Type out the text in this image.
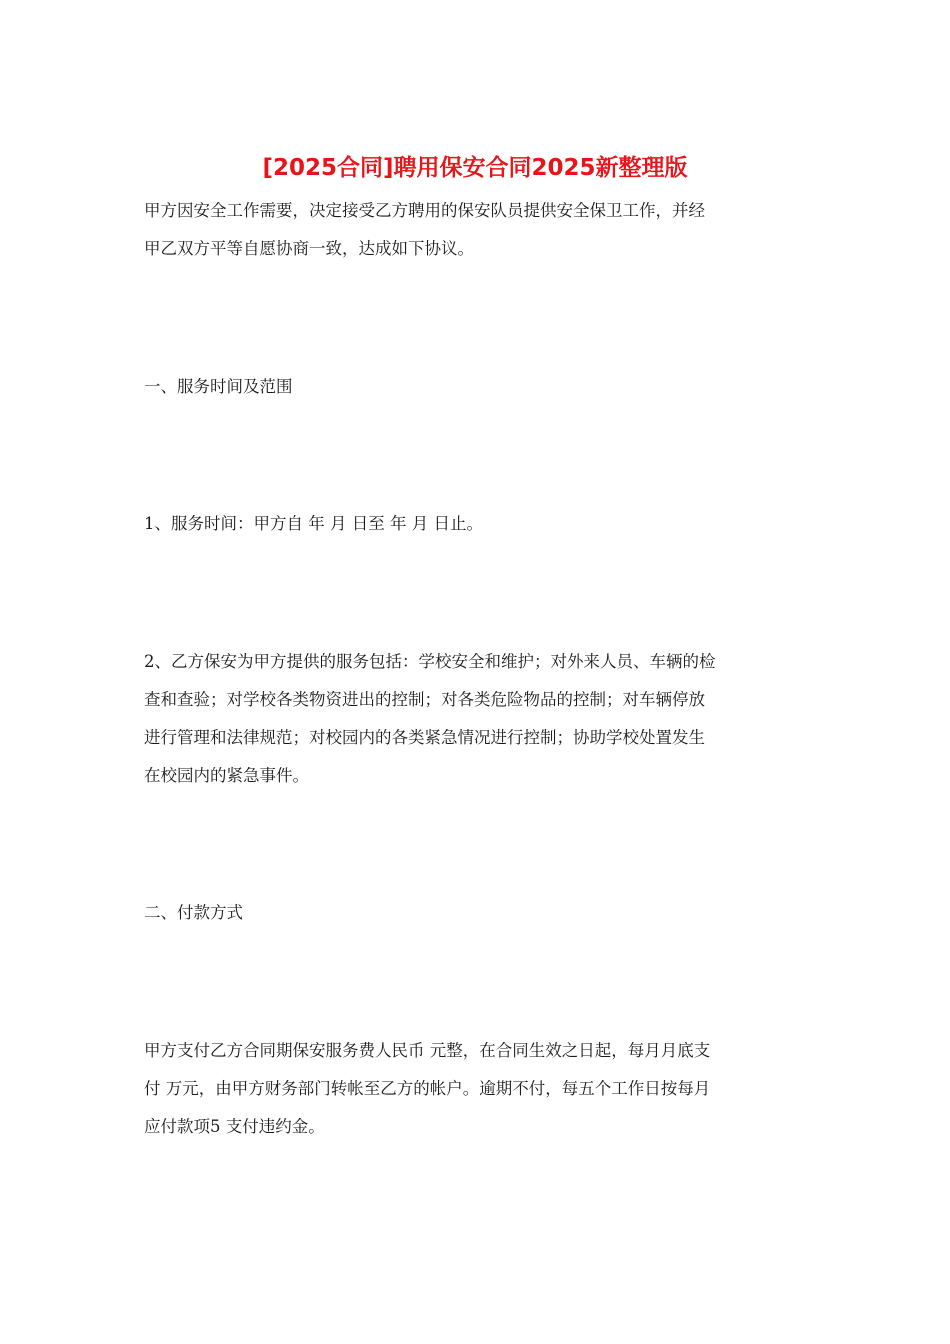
[2025合同]聘用保安合同2025新整理版

甲方因安全工作需要，决定接受乙方聘用的保安队员提供安全保卫工作，并经
甲乙双方平等自愿协商一致，达成如下协议。

一、服务时间及范围

1、服务时间：甲方自 年 月 日至 年 月 日止。

2、乙方保安为甲方提供的服务包括：学校安全和维护；对外来人员、车辆的检
查和查验；对学校各类物资进出的控制；对各类危险物品的控制；对车辆停放
进行管理和法律规范；对校园内的各类紧急情况进行控制；协助学校处置发生
在校园内的紧急事件。

二、付款方式

甲方支付乙方合同期保安服务费人民币 元整，在合同生效之日起，每月月底支
付 万元，由甲方财务部门转帐至乙方的帐户。逾期不付，每五个工作日按每月
应付款项5 支付违约金。
